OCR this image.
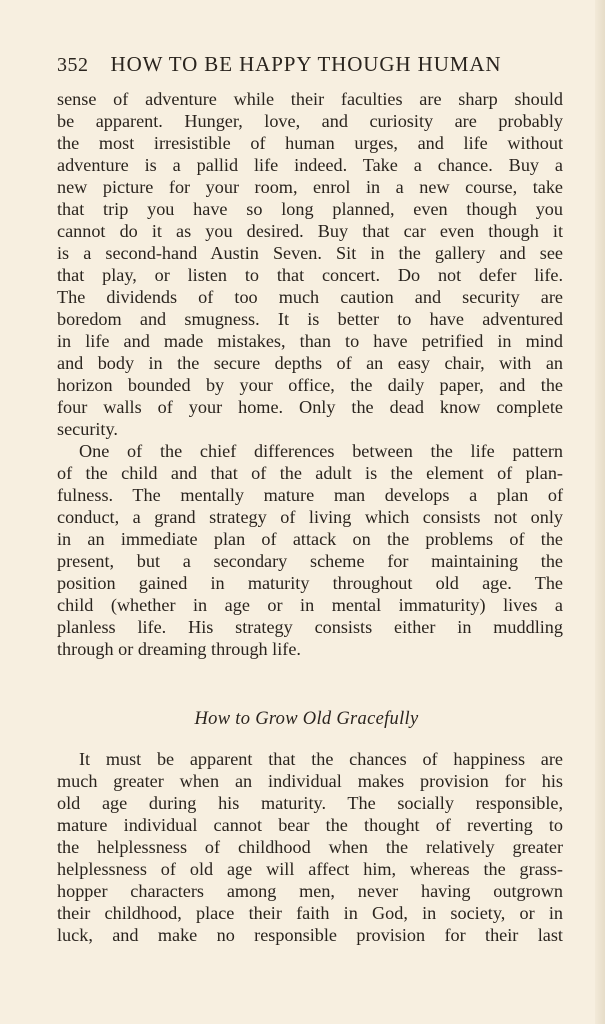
352 HOW TO BE HAPPY THOUGH HUMAN
sense of adventure while their faculties are sharp should
be apparent. Hunger, love, and curiosity are probably
the most irresistible of human urges, and life without
adventure is a pallid life indeed. Take a chance. Buy a
new picture for your room, enrol in a new course, take
that trip you have so long planned, even though you
cannot do it as you desired. Buy that car even though it
is a second-hand Austin Seven. Sit in the gallery and see
that play, or listen to that concert. Do not defer life.
The dividends of too much caution and security are
boredom and smugness. It is better to have adventured
in life and made mistakes, than to have petrified in mind
and body in the secure depths of an easy chair, with an
horizon bounded by your office, the daily paper, and the
four walls of your home. Only the dead know complete
security.
One of the chief differences between the life pattern
of the child and that of the adult is the element of plan-
fulness. The mentally mature man develops a plan of
conduct, a grand strategy of living which consists not only
in an immediate plan of attack on the problems of the
present, but a secondary scheme for maintaining the
position gained in maturity throughout old age. The
child (whether in age or in mental immaturity) lives a
planless life. His strategy consists either in muddling
through or dreaming through life.
How to Grow Old Gracefully
It must be apparent that the chances of happiness are
much greater when an individual makes provision for his
old age during his maturity. The socially responsible,
mature individual cannot bear the thought of reverting to
the helplessness of childhood when the relatively greater
helplessness of old age will affect him, whereas the grass-
hopper characters among men, never having outgrown
their childhood, place their faith in God, in society, or in
luck, and make no responsible provision for their last
